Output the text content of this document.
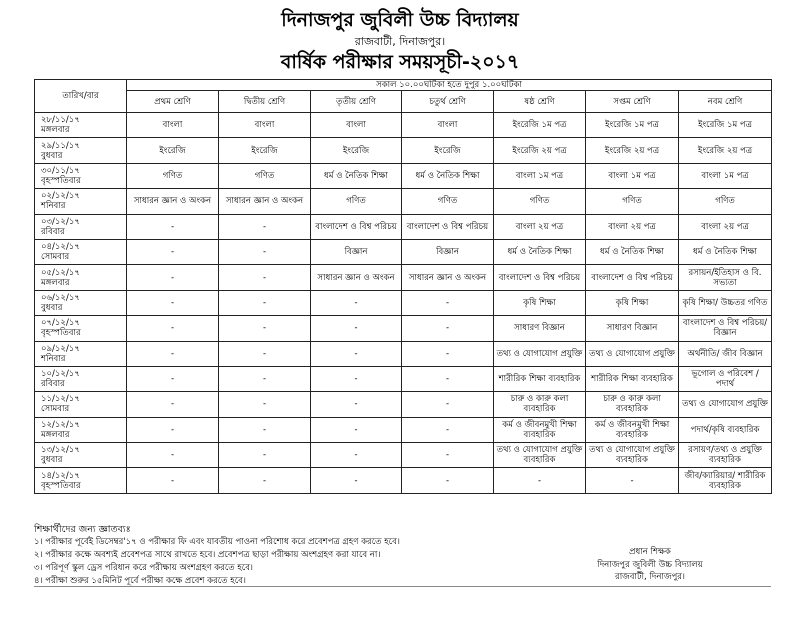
দিনাজপুর জুবিলী উচ্চ বিদ্যালয়
রাজবাটী, দিনাজপুর।
বার্ষিক পরীক্ষার সময়সূচী-২০১৭
তারিখ/বার	সকাল ১০.০০ঘটিকা হতে দুপুর ১.০০ঘটিকা						
	প্রথম শ্রেণি	দ্বিতীয় শ্রেণি	তৃতীয় শ্রেণি	চতুর্থ শ্রেণি	ষষ্ঠ শ্রেণি	সপ্তম শ্রেণি	নবম শ্রেণি

২৮/১১/১৭
মঙ্গলবার	বাংলা	বাংলা	বাংলা	বাংলা	ইংরেজি ১ম পত্র	ইংরেজি ১ম পত্র	ইংরেজি ১ম পত্র

২৯/১১/১৭
বুধবার	ইংরেজি	ইংরেজি	ইংরেজি	ইংরেজি	ইংরেজি ২য় পত্র	ইংরেজি ২য় পত্র	ইংরেজি ২য় পত্র

৩০/১১/১৭
বৃহস্পতিবার	গণিত	গণিত	ধর্ম ও নৈতিক শিক্ষা	ধর্ম ও নৈতিক শিক্ষা	বাংলা ১ম পত্র	বাংলা ১ম পত্র	বাংলা ১ম পত্র

০২/১২/১৭
শনিবার	সাধারন জ্ঞান ও অংকন	সাধারন জ্ঞান ও অংকন	গণিত	গণিত	গণিত	গণিত	গণিত

০৩/১২/১৭
রবিবার	-	-	বাংলাদেশ ও বিশ্ব পরিচয়	বাংলাদেশ ও বিশ্ব পরিচয়	বাংলা ২য় পত্র	বাংলা ২য় পত্র	বাংলা ২য় পত্র

০৪/১২/১৭
সোমবার	-	-	বিজ্ঞান	বিজ্ঞান	ধর্ম ও নৈতিক শিক্ষা	ধর্ম ও নৈতিক শিক্ষা	ধর্ম ও নৈতিক শিক্ষা

০৫/১২/১৭
মঙ্গলবার	-	-	সাধারন জ্ঞান ও অংকন	সাধারন জ্ঞান ও অংকন	বাংলাদেশ ও বিশ্ব পরিচয়	বাংলাদেশ ও বিশ্ব পরিচয়	রসায়ন/ইতিহাস ও বি. সভ্যতা

০৬/১২/১৭
বুধবার	-	-	-	-	কৃষি শিক্ষা	কৃষি শিক্ষা	কৃষি শিক্ষা/ উচ্চতর গণিত

০৭/১২/১৭
বৃহস্পতিবার	-	-	-	-	সাধারণ বিজ্ঞান	সাধারণ বিজ্ঞান	বাংলাদেশ ও বিশ্ব পরিচয়/বিজ্ঞান

০৯/১২/১৭
শনিবার	-	-	-	-	তথ্য ও যোগাযোগ প্রযুক্তি	তথ্য ও যোগাযোগ প্রযুক্তি	অর্থনীতি/ জীব বিজ্ঞান

১০/১২/১৭
রবিবার	-	-	-	-	শারীরিক শিক্ষা ব্যবহারিক	শারীরিক শিক্ষা ব্যবহারিক	ভূগোল ও পরিবেশ / পদার্থ

১১/১২/১৭
সোমবার	-	-	-	-	চারু ও কারু কলা ব্যবহারিক	চারু ও কারু কলা ব্যবহারিক	তথ্য ও যোগাযোগ প্রযুক্তি

১২/১২/১৭
মঙ্গলবার	-	-	-	-	কর্ম ও জীবনমুখী শিক্ষা ব্যবহারিক	কর্ম ও জীবনমুখী শিক্ষা ব্যবহারিক	পদার্থ/কৃষি ব্যবহারিক

১৩/১২/১৭
বুধবার	-	-	-	-	তথ্য ও যোগাযোগ প্রযুক্তি ব্যবহারিক	তথ্য ও যোগাযোগ প্রযুক্তি ব্যবহারিক	রসায়ণ/তথ্য ও প্রযুক্তি ব্যবহারিক

১৪/১২/১৭
বৃহস্পতিবার	-	-	-	-	-	-	জীব/ক্যারিয়ার/ শারীরিক ব্যবহারিক
শিক্ষার্থীদের জন্য জ্ঞাতব্যঃ
১। পরীক্ষার পূর্বেই ডিসেম্বর'১৭ ও পরীক্ষার ফি এবং যাবতীয় পাওনা পরিশোধ করে প্রবেশপত্র গ্রহণ করতে হবে।
২। পরীক্ষার কক্ষে অবশ্যই প্রবেশপত্র সাথে রাখতে হবে। প্রবেশপত্র ছাড়া পরীক্ষায় অংশগ্রহণ করা যাবে না।
৩। পরিপূর্ণ স্কুল ড্রেস পরিধান করে পরীক্ষায় অংশগ্রহণ করতে হবে।
৪। পরীক্ষা শুরুর ১৫মিনিট পূর্বে পরীক্ষা কক্ষে প্রবেশ করতে হবে।
প্রধান শিক্ষক
দিনাজপুর জুবিলী উচ্চ বিদ্যালয়
রাজবাটী, দিনাজপুর।
